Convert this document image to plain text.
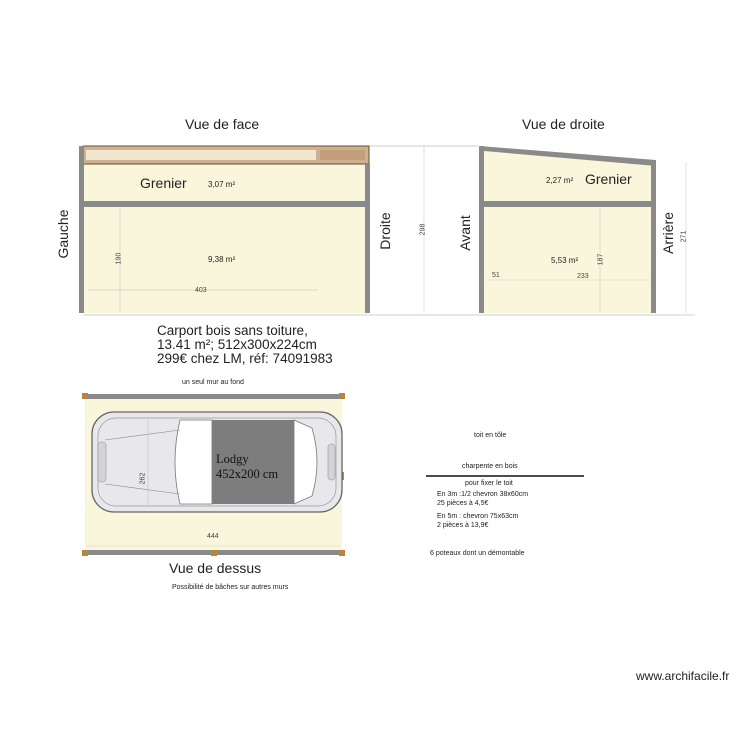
Vue de face	Vue de droite
Gauche	Droite	Avant	Arrière
Grenier	3,07 m²
9,38 m²
2,27 m² Grenier
5,53 m²
190
403
298
51	233
187
271
Carport bois sans toiture,
13.41 m²; 512x300x224cm
299€ chez LM, réf: 74091983
un seul mur au fond
Lodgy
452x200 cm
262
444
Vue de dessus
Possibilité de bâches sur autres murs
toit en tôle
charpente en bois
pour fixer le toit
En 3m :1/2 chevron 38x60cm
25 pièces à 4,5€
En 5m : chevron 75x63cm
2 pièces à 13,9€
6 poteaux dont un démontable
www.archifacile.fr
